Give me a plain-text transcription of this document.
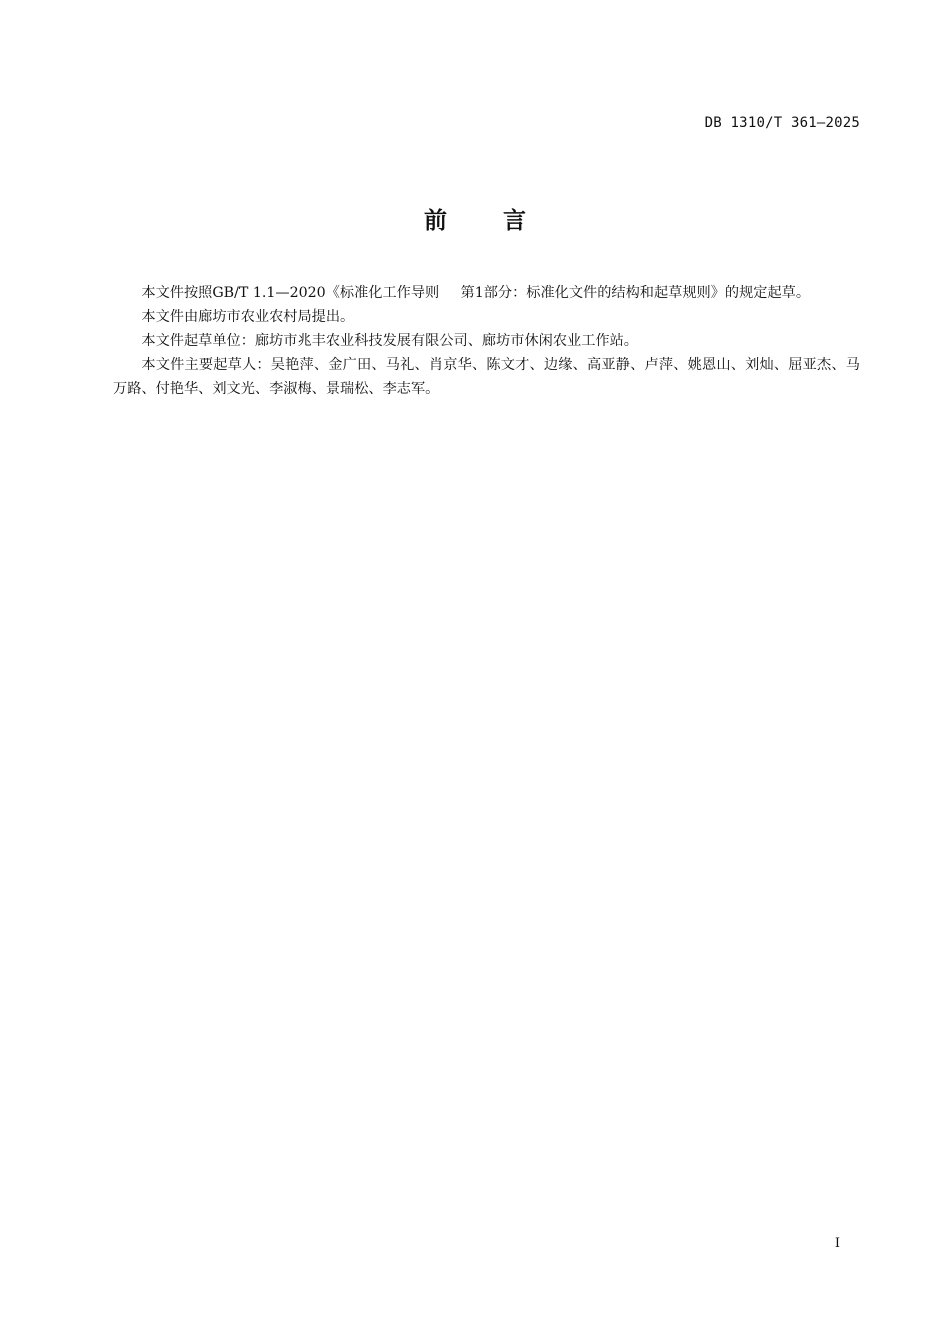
DB 1310/T 361—2025
前言

本文件按照GB/T 1.1—2020《标准化工作导则 第1部分：标准化文件的结构和起草规则》的规定起草。

本文件由廊坊市农业农村局提出。

本文件起草单位：廊坊市兆丰农业科技发展有限公司、廊坊市休闲农业工作站。

本文件主要起草人：吴艳萍、金广田、马礼、肖京华、陈文才、边缘、高亚静、卢萍、姚恩山、刘灿、屈亚杰、马万路、付艳华、刘文光、李淑梅、景瑞松、李志军。

I
